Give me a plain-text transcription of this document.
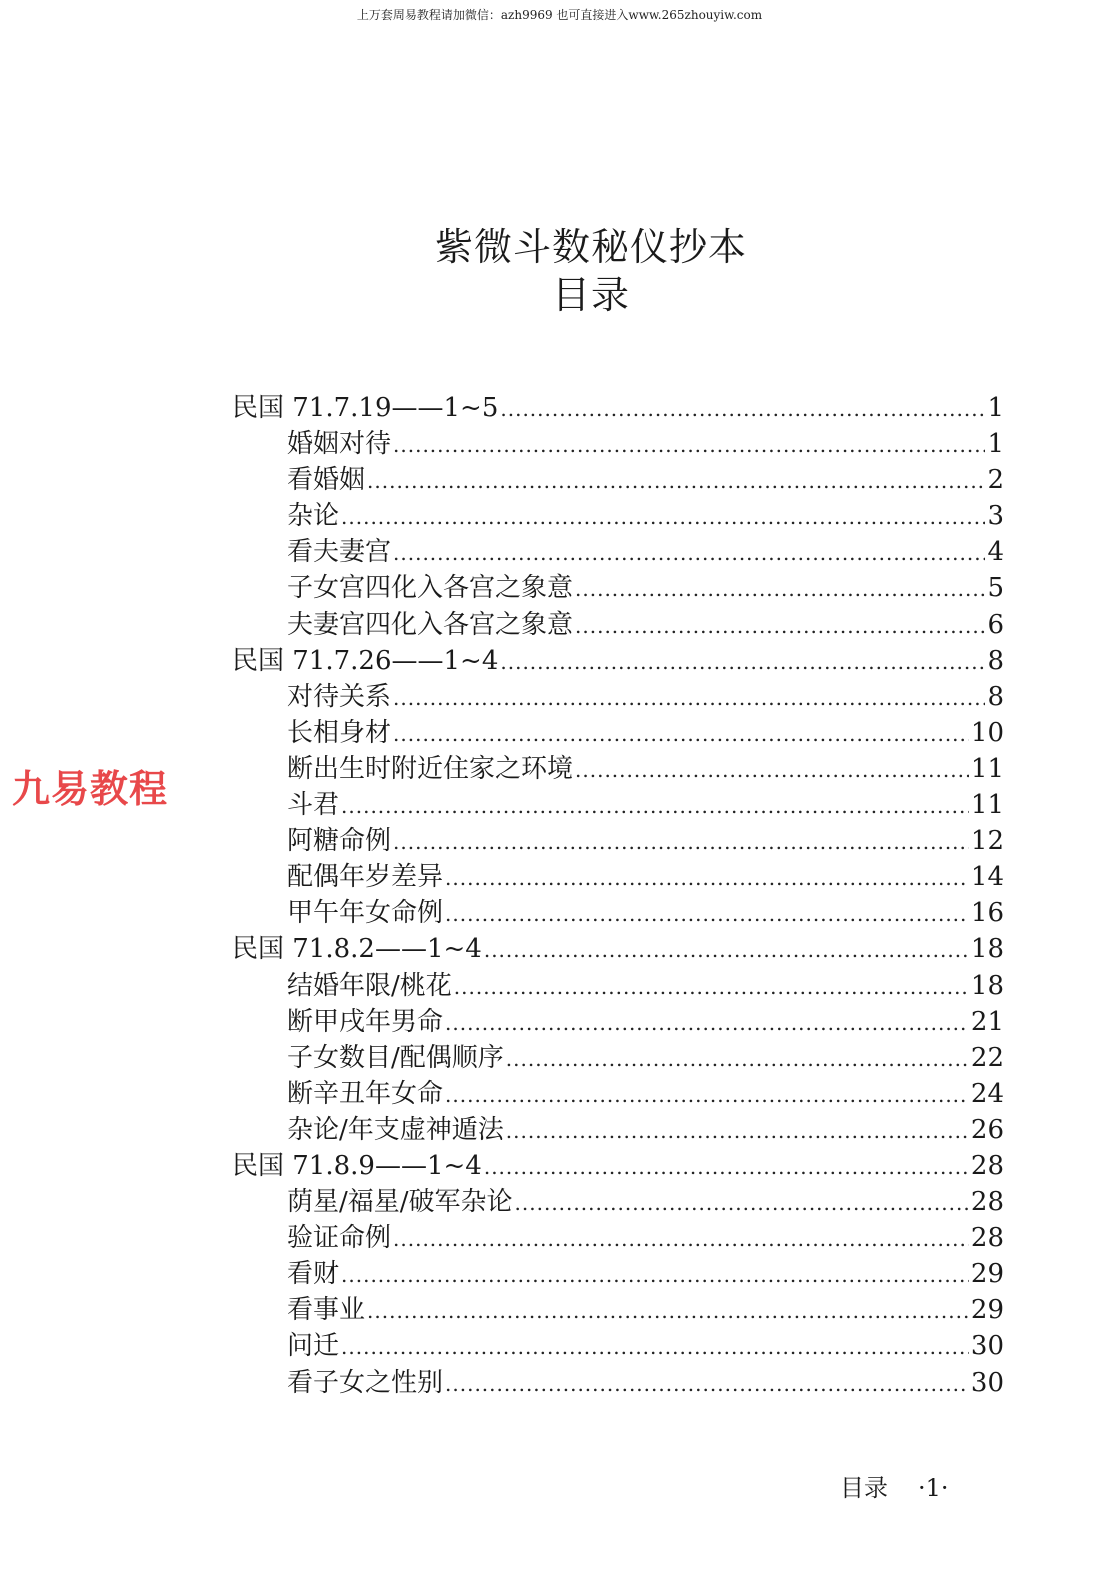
上万套周易教程请加微信：azh9969 也可直接进入www.265zhouyiw.com
紫微斗数秘仪抄本
目录
民国 71.7.19——1~5 .....	1
婚姻对待 .....	1
看婚姻 .....	2
杂论 .....	3
看夫妻宫 .....	4
子女宫四化入各宫之象意 .....	5
夫妻宫四化入各宫之象意 .....	6
民国 71.7.26——1~4 .....	8
对待关系 .....	8
长相身材 .....	10
断出生时附近住家之环境 .....	11
斗君 .....	11
阿糖命例 .....	12
配偶年岁差异 .....	14
甲午年女命例 .....	16
民国 71.8.2——1~4 .....	18
结婚年限/桃花 .....	18
断甲戌年男命 .....	21
子女数目/配偶顺序 .....	22
断辛丑年女命 .....	24
杂论/年支虚神遁法 .....	26
民国 71.8.9——1~4 .....	28
荫星/福星/破军杂论 .....	28
验证命例 .....	28
看财 .....	29
看事业 .....	29
问迁 .....	30
看子女之性别 .....	30
九易教程
目录 ·1·
